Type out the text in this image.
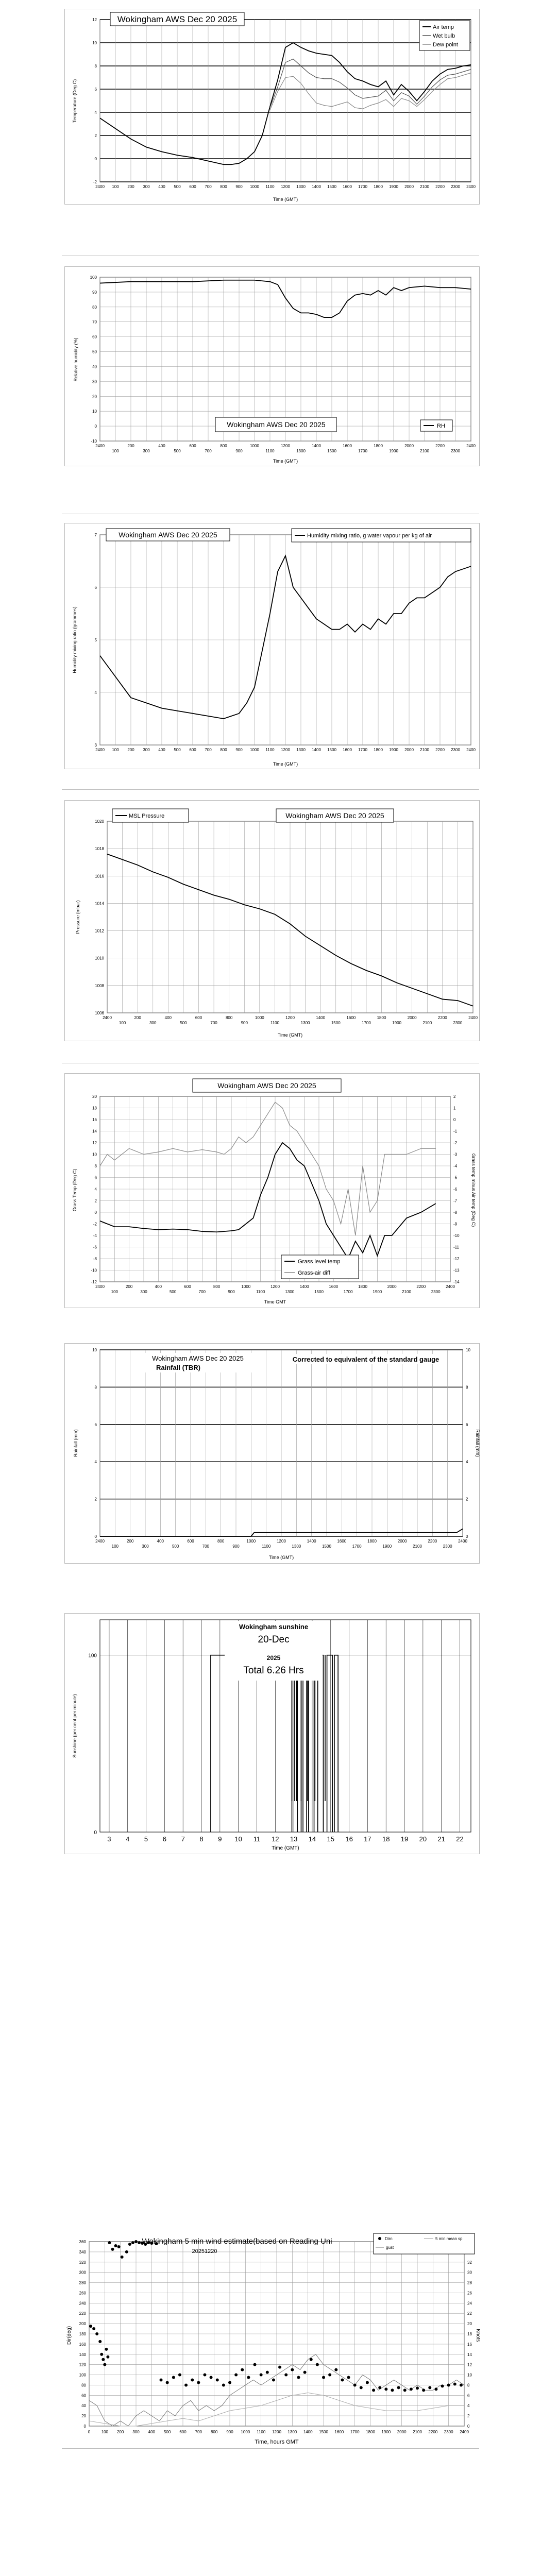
-2
0
2
4
6
8
10
12
2400 100 200 300 400 500 600 700 800 900 1000 1100 1200 1300 1400 1500 1600 1700 1800 1900 2000 2100 2200 2300 2400
Wokingham AWS Dec 20 2025
Temperature (Deg C)
Time (GMT)
Air temp
Wet bulb
Dew point
-10
0
10
20
30
40
50
60
70
80
90
100
2400	200	400	600	800	1000	1200	1400	1600	1800	2000	2200	2400
100	300	500	700	900	1100	1300	1500	1700	1900	2100	2300
Wokingham AWS Dec 20 2025	RH
Relative humidity (%)
Time (GMT)
3
4
5
6
7
2400 100 200 300 400 500 600 700 800 900 1000 1100 1200 1300 1400 1500 1600 1700 1800 1900 2000 2100 2200 2300 2400
Wokingham AWS Dec 20 2025	Humidity mixing ratio, g water vapour per kg of air
Humidity mixing ratio (grammes)
Time (GMT)
1006
1008
1010
1012
1014
1016
1018
1020
2400	200	400	600	800	1000	1200	1400	1600	1800	2000	2200	2400
100	300	500	700	900	1100	1300	1500	1700	1900	2100	2300
MSL Pressure	Wokingham AWS Dec 20 2025
Pressure (mbar)
Time (GMT)
-12
-10
-8
-6
-4
-2
0
2
4
6
8
10
12
14
16
18
20
-14
-13
-12
-11
-10
-9
-8
-7
-6
-5
-4
-3
-2
-1
0
1
2
2400	200	400	600	800	1000	1200	1400	1600	1800	2000	2200	2400
100	300	500	700	900	1100	1300	1500	1700	1900	2100	2300
Wokingham AWS Dec 20 2025
Grass level temp
Grass-air diff
Grass Temp (Deg C)	Grass temp minus Air temp (Deg C)
Time GMT
0
2
4
6
8
10
0
2
4
6
8
10
2400	200	400	600	800	1000	1200	1400	1600	1800	2000	2200	2400
100	300	500	700	900	1100	1300	1500	1700	1900	2100	2300
Wokingham AWS Dec 20 2025
Rainfall (TBR)
Corrected to equivalent of the standard gauge
Rainfall (mm)	Rainfall (mm)
Time (GMT)
0
100
3 4 5 6 7 8 9 10 11 12 13 14 15 16 17 18 19 20 21 22
Wokingham sunshine
20-Dec
2025
Total 6.26 Hrs
Sunshine (per cent per minute)
Time (GMT)
0
20
40
60
80
100
120
140
160
180
200
220
240
260
280
300
320
340
360
0
2
4
6
8
10
12
14
16
18
20
22
24
26
28
30
32
0	100 200 300 400 500 600 700 800 900 1000 1100 1200 1300 1400 1500 1600 1700 1800 1900 2000 2100 2200 2300 2400
Wokingham 5 min wind estimate(based on Reading Uni
20251220
Dirn
gust
5 min mean sp
Dir(deg)	Knots
Time, hours GMT
